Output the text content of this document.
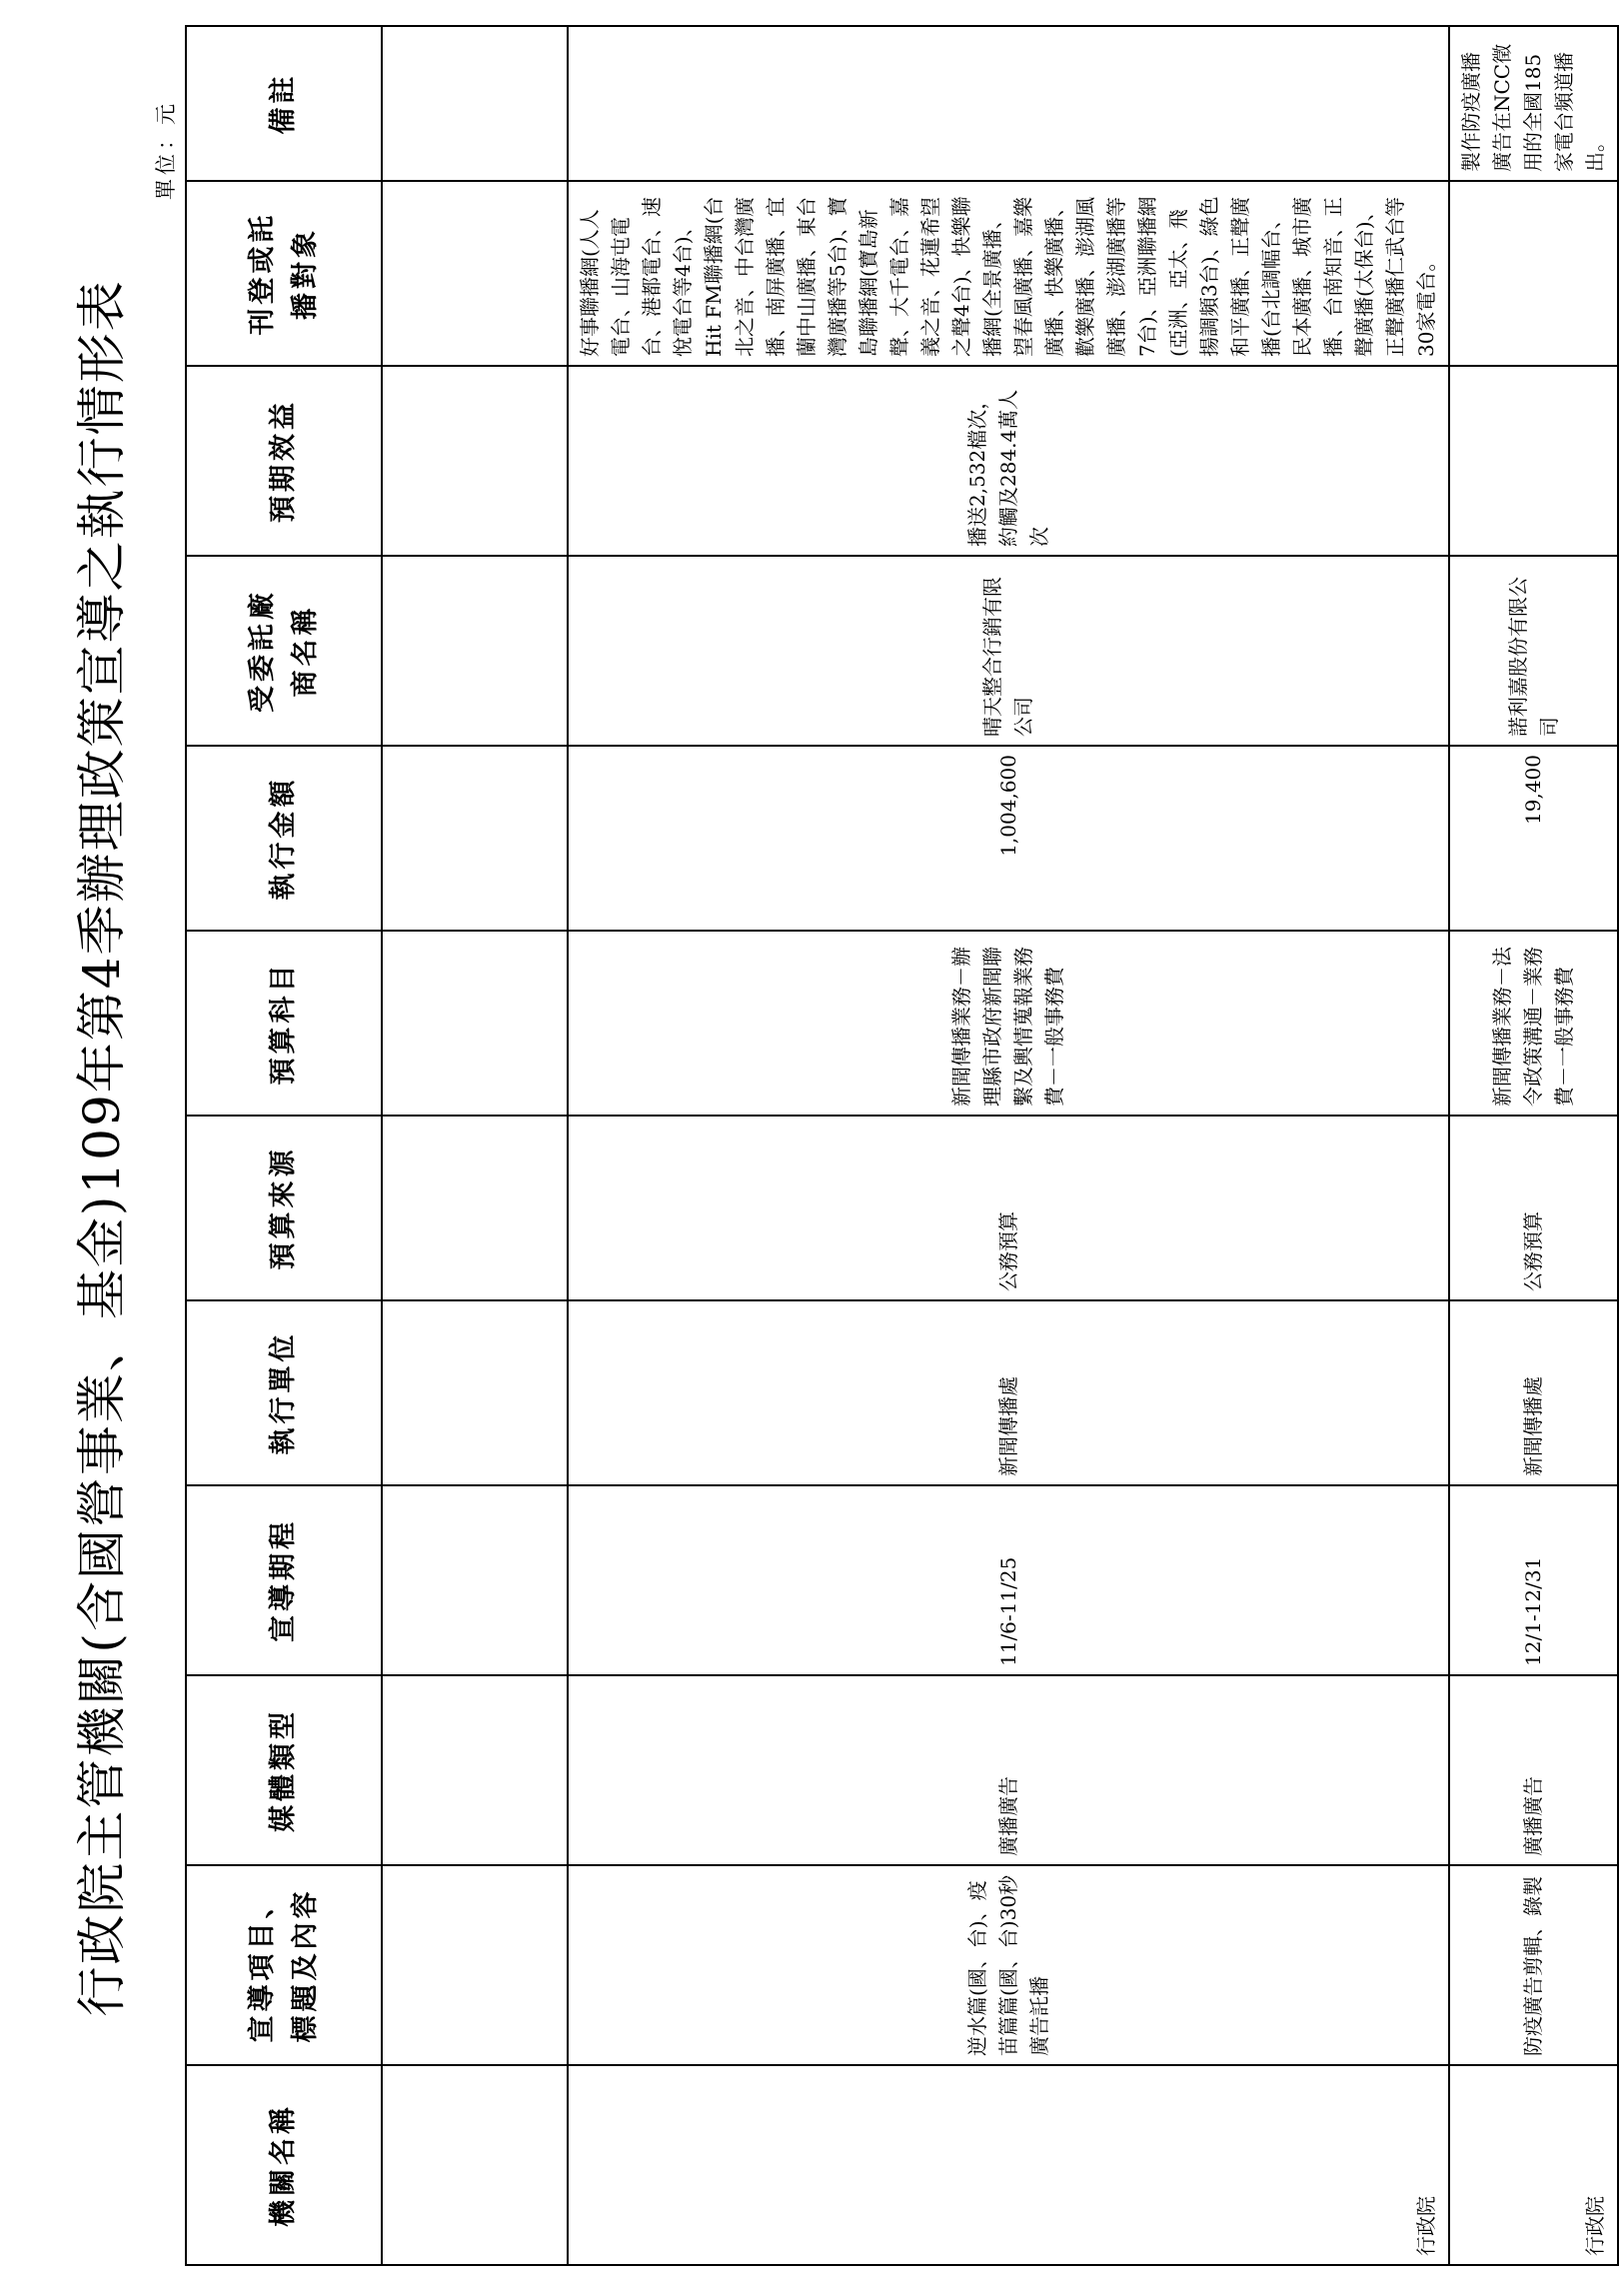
行政院主管機關(含國營事業、基金)109年第4季辦理政策宣導之執行情形表
單位：元
機關名稱	宣導項目、標題及內容	媒體類型	宣導期程	執行單位	預算來源	預算科目	執行金額	受委託廠商名稱	預期效益	刊登或託播對象	備註

行政院	逆水篇(國、台)、疫苗篇篇(國、台)30秒廣告託播	廣播廣告	11/6-11/25	新聞傳播處	公務預算	新聞傳播業務－辦理縣市政府新聞聯繫及輿情蒐報業務費－一般事務費	1,004,600	晴天整合行銷有限公司	播送2,532檔次，約觸及284.4萬人次	好事聯播網(人人電台、山海屯電台、港都電台、速悅電台等4台)、Hit FM聯播網(台北之音、中台灣廣播、南屏廣播、宜蘭中山廣播、東台灣廣播等5台)、寶島聯播網(寶島新聲、大千電台、嘉義之音、花蓮希望之聲4台)、快樂聯播網(全景廣播、望春風廣播、嘉樂廣播、快樂廣播、歡樂廣播、澎湖風廣播、澎湖廣播等7台)、亞洲聯播網(亞洲、亞太、飛揚調頻3台)、綠色和平廣播、正聲廣播(台北調幅台、民本廣播、城市廣播、台南知音、正聲廣播(太保台)、正聲廣播仁武台等30家電台。	
行政院	防疫廣告剪輯、錄製	廣播廣告	12/1-12/31	新聞傳播處	公務預算	新聞傳播業務－法令政策溝通－業務費－一般事務費	19,400	諾利嘉股份有限公司			製作防疫廣播廣告在NCC徵用的全國185家電台頻道播出。
